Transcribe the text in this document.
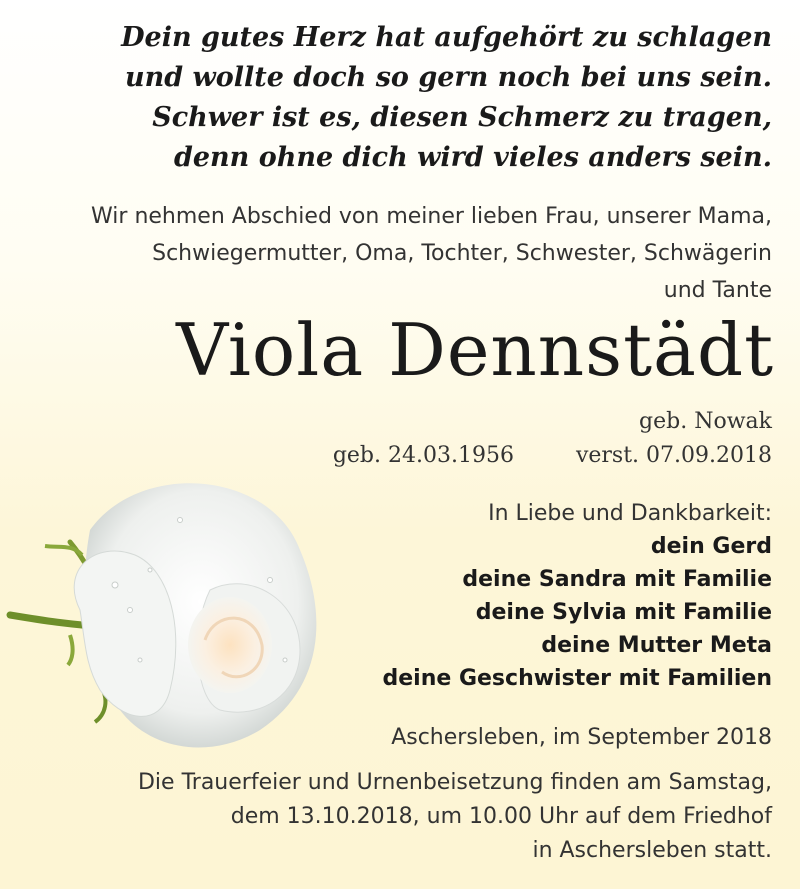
Dein gutes Herz hat aufgehört zu schlagen
und wollte doch so gern noch bei uns sein.
Schwer ist es, diesen Schmerz zu tragen,
denn ohne dich wird vieles anders sein.
Wir nehmen Abschied von meiner lieben Frau, unserer Mama,
Schwiegermutter, Oma, Tochter, Schwester, Schwägerin
und Tante
Viola Dennstädt
geb. Nowak
geb. 24.03.1956	verst. 07.09.2018
In Liebe und Dankbarkeit:
dein Gerd
deine Sandra mit Familie
deine Sylvia mit Familie
deine Mutter Meta
deine Geschwister mit Familien
Aschersleben, im September 2018
Die Trauerfeier und Urnenbeisetzung finden am Samstag,
dem 13.10.2018, um 10.00 Uhr auf dem Friedhof
in Aschersleben statt.
